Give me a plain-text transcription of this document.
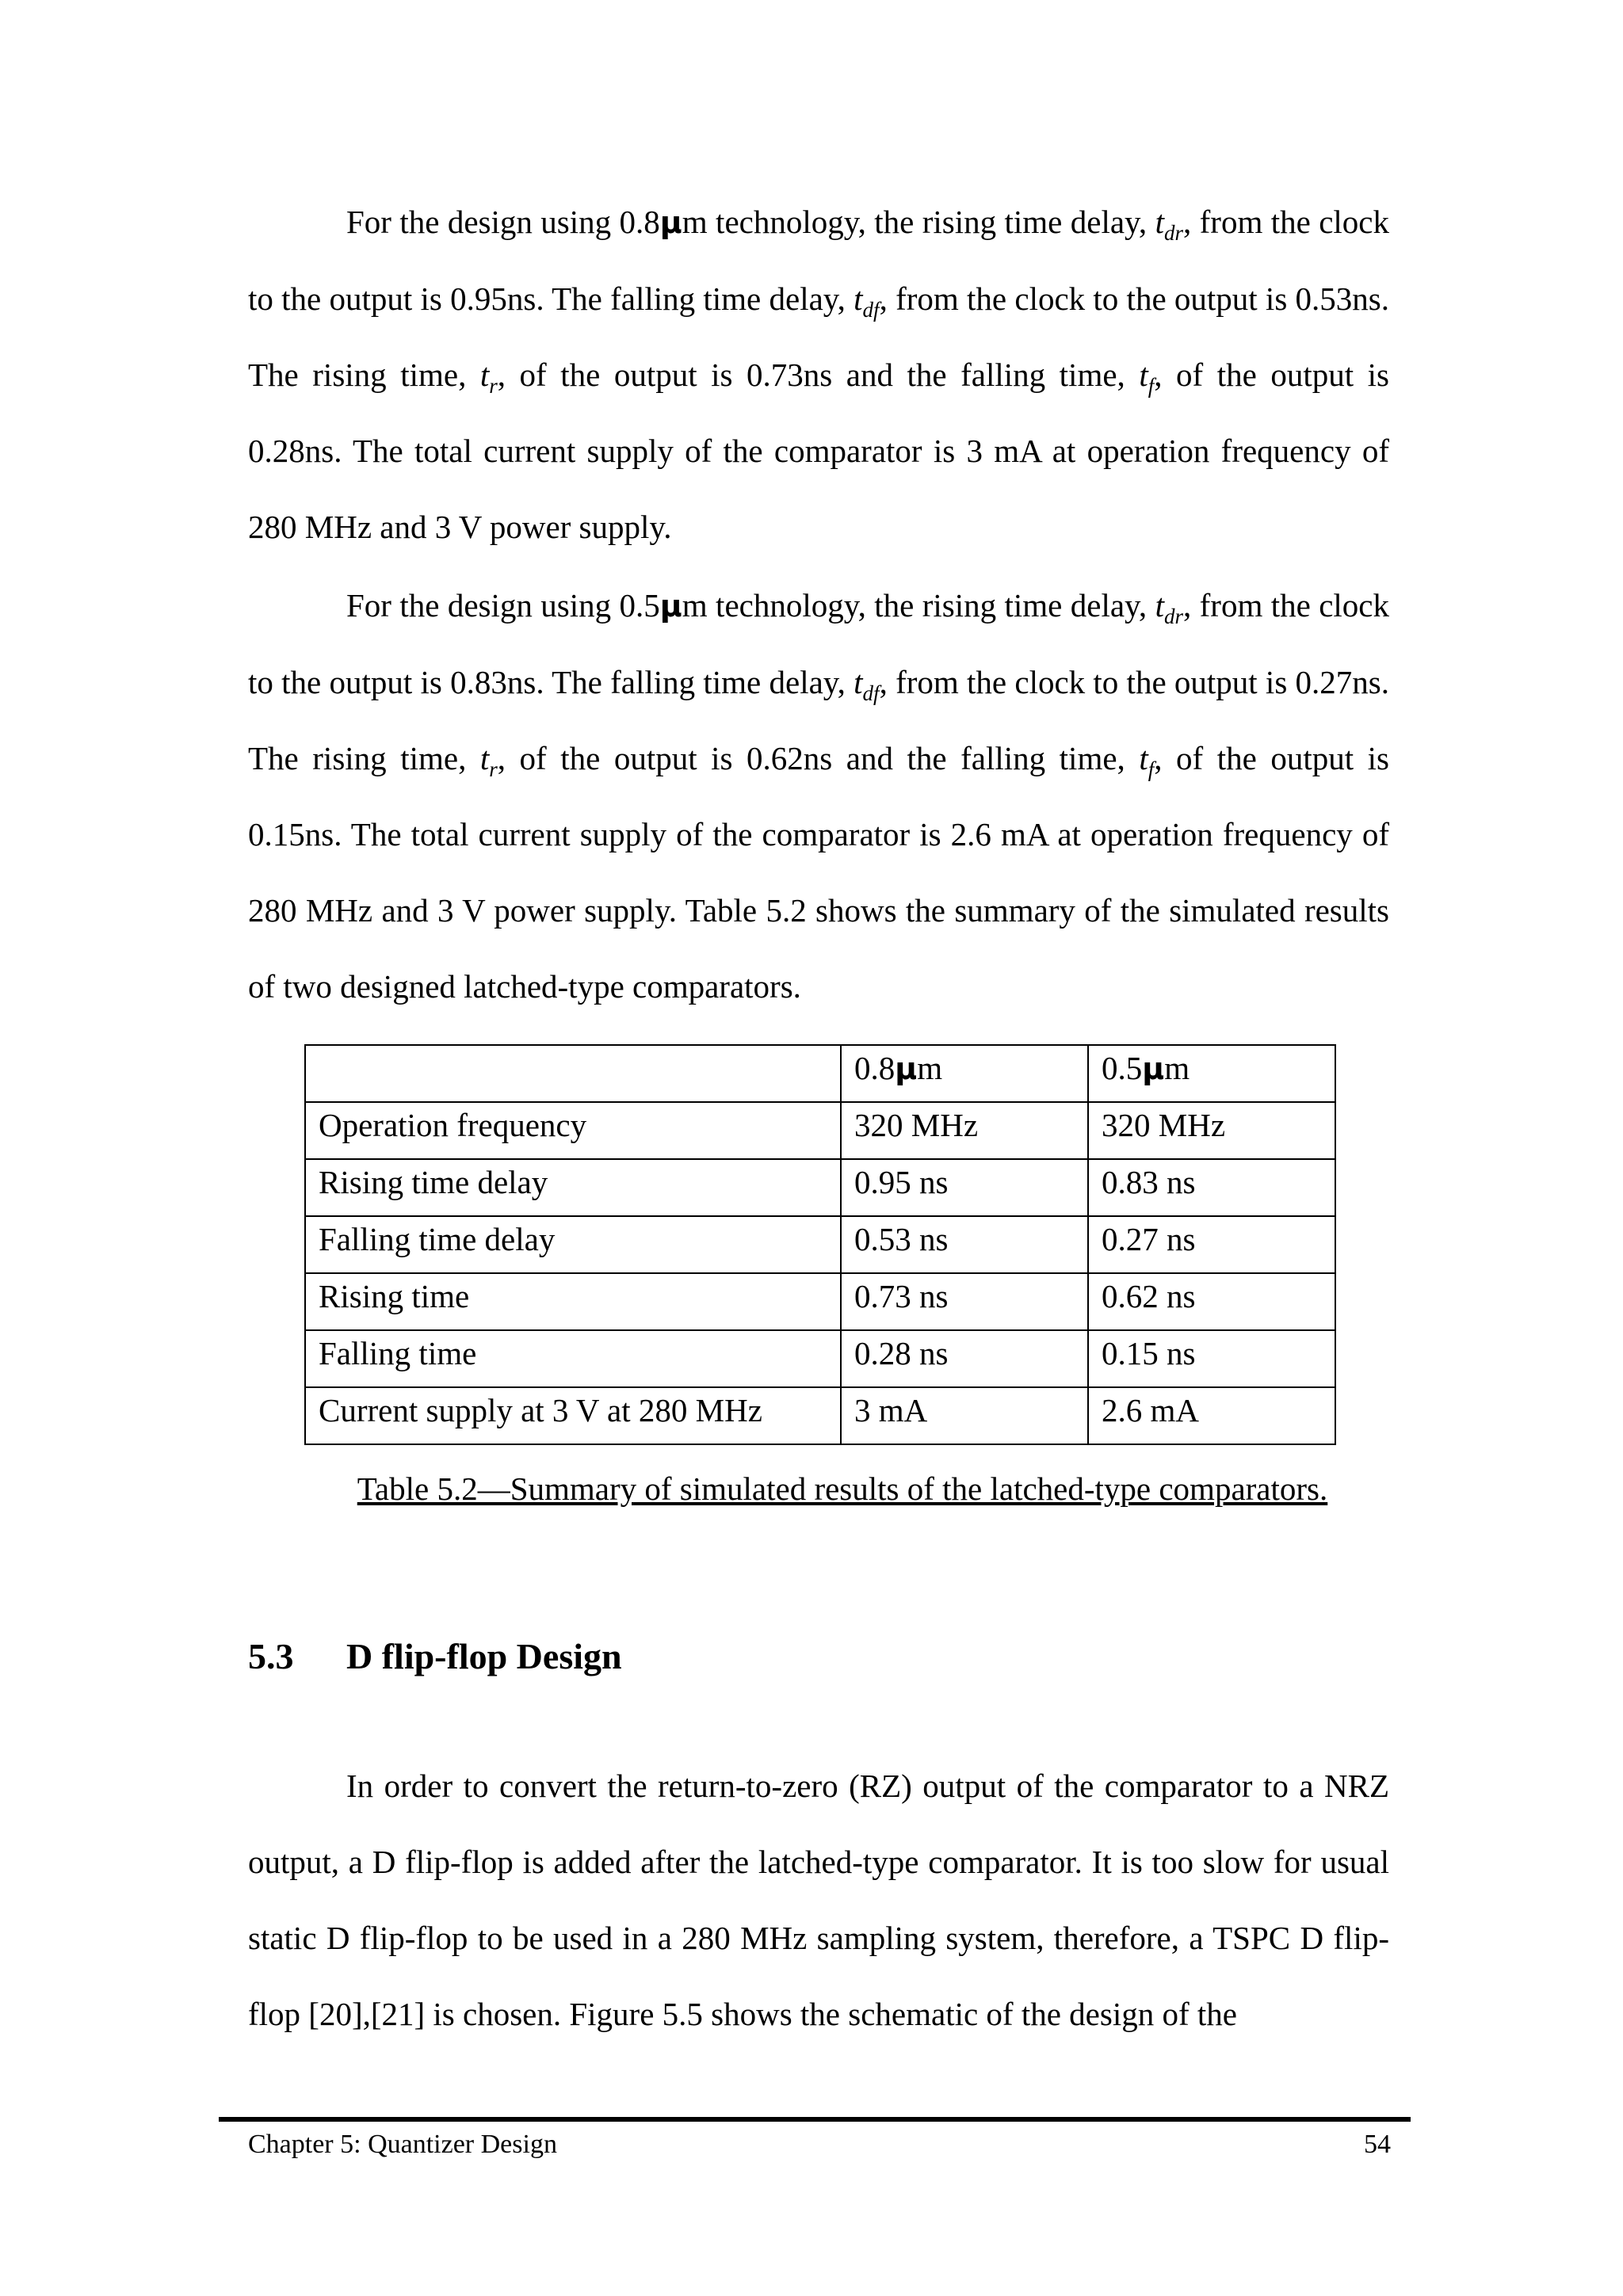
For the design using 0.8µm technology, the rising time delay, $t_{dr}$, from the clock to the output is 0.95ns. The falling time delay, $t_{df}$, from the clock to the output is 0.53ns. The rising time, $t_r$, of the output is 0.73ns and the falling time, $t_f$, of the output is 0.28ns. The total current supply of the comparator is 3 mA at operation frequency of 280 MHz and 3 V power supply.

For the design using 0.5µm technology, the rising time delay, $t_{dr}$, from the clock to the output is 0.83ns. The falling time delay, $t_{df}$, from the clock to the output is 0.27ns. The rising time, $t_r$, of the output is 0.62ns and the falling time, $t_f$, of the output is 0.15ns. The total current supply of the comparator is 2.6 mA at operation frequency of 280 MHz and 3 V power supply. Table 5.2 shows the summary of the simulated results of two designed latched-type comparators.

	0.8µm	0.5µm
Operation frequency	320 MHz	320 MHz
Rising time delay	0.95 ns	0.83 ns
Falling time delay	0.53 ns	0.27 ns
Rising time	0.73 ns	0.62 ns
Falling time	0.28 ns	0.15 ns
Current supply at 3 V at 280 MHz	3 mA	2.6 mA
Table 5.2—Summary of simulated results of the latched-type comparators.
5.3 D flip-flop Design

In order to convert the return-to-zero (RZ) output of the comparator to a NRZ output, a D flip-flop is added after the latched-type comparator. It is too slow for usual static D flip-flop to be used in a 280 MHz sampling system, therefore, a TSPC D flip-flop [20],[21] is chosen. Figure 5.5 shows the schematic of the design of the

Chapter 5: Quantizer Design	54
